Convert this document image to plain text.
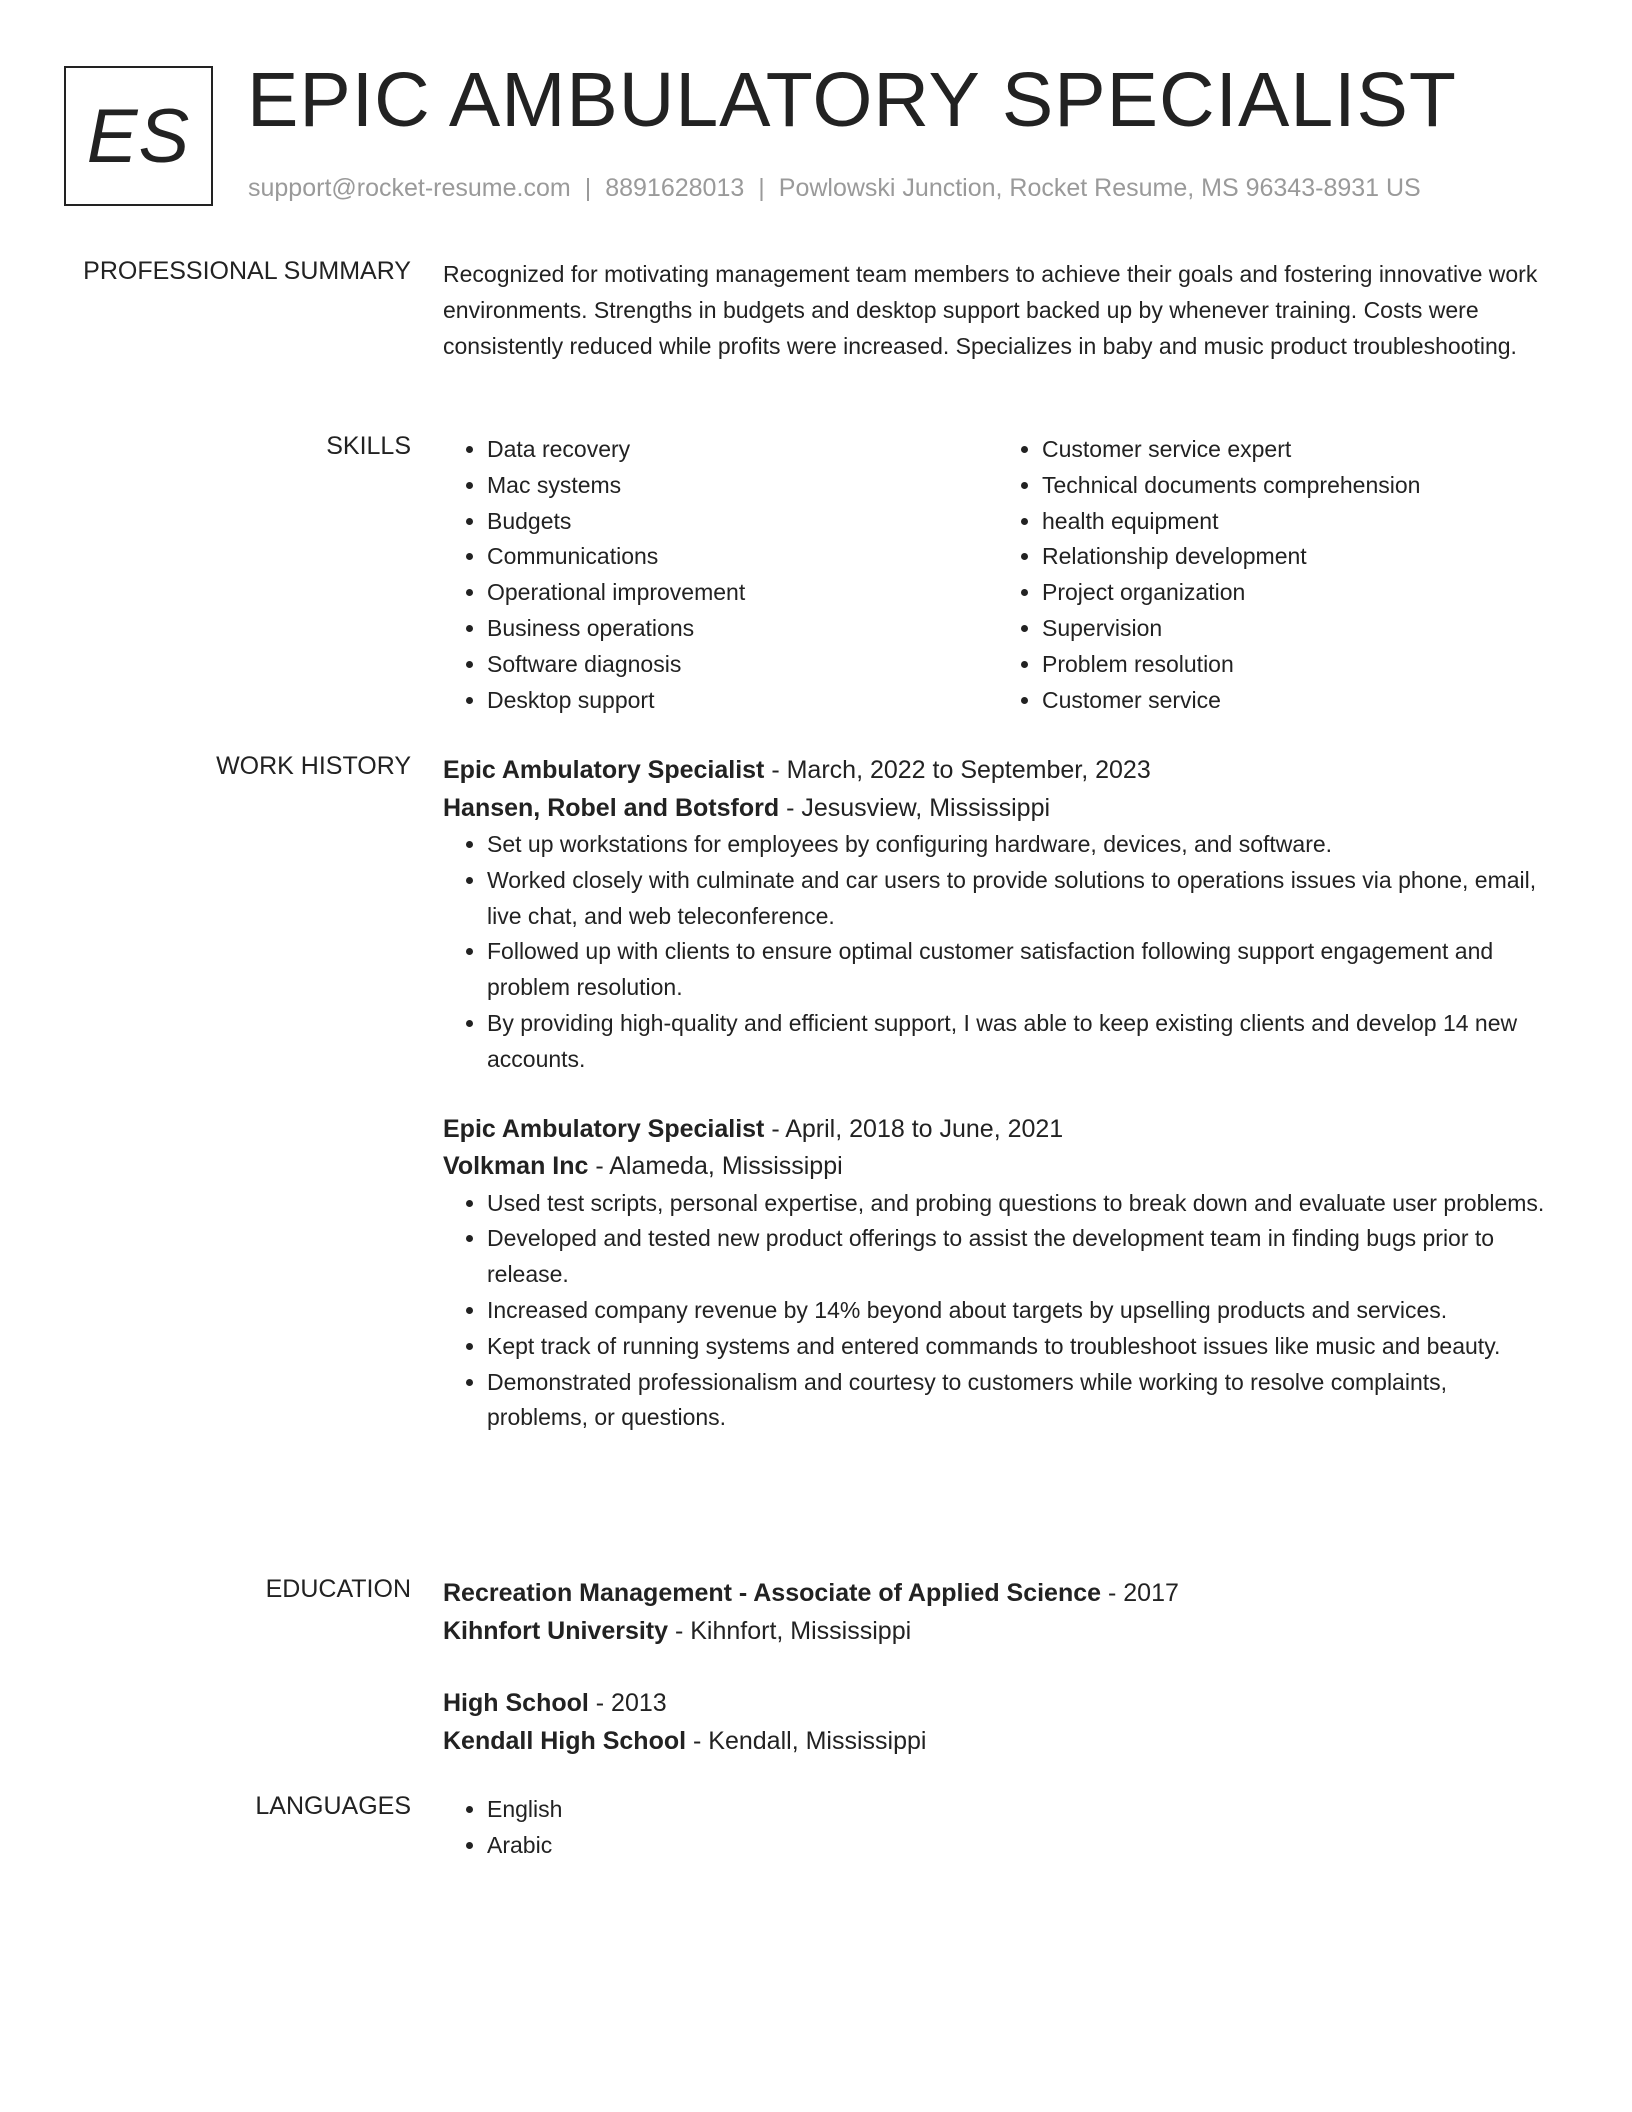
ES EPIC AMBULATORY SPECIALIST
support@rocket-resume.com | 8891628013 | Powlowski Junction, Rocket Resume, MS 96343-8931 US
PROFESSIONAL SUMMARY Recognized for motivating management team members to achieve their goals and fostering innovative work environments. Strengths in budgets and desktop support backed up by whenever training. Costs were consistently reduced while profits were increased. Specializes in baby and music product troubleshooting.

SKILLS	• Data recovery
• Mac systems
• Budgets
• Communications
• Operational improvement
• Business operations
• Software diagnosis
• Desktop support
• Customer service expert
• Technical documents comprehension
• health equipment
• Relationship development
• Project organization
• Supervision
• Problem resolution
• Customer service
WORK HISTORY Epic Ambulatory Specialist - March, 2022 to September, 2023
Hansen, Robel and Botsford - Jesusview, Mississippi
• Set up workstations for employees by configuring hardware, devices, and software.
• Worked closely with culminate and car users to provide solutions to operations issues via phone, email, live chat, and web teleconference.
• Followed up with clients to ensure optimal customer satisfaction following support engagement and problem resolution.
• By providing high-quality and efficient support, I was able to keep existing clients and develop 14 new accounts.
Epic Ambulatory Specialist - April, 2018 to June, 2021
Volkman Inc - Alameda, Mississippi
• Used test scripts, personal expertise, and probing questions to break down and evaluate user problems.
• Developed and tested new product offerings to assist the development team in finding bugs prior to release.
• Increased company revenue by 14% beyond about targets by upselling products and services.
• Kept track of running systems and entered commands to troubleshoot issues like music and beauty.
• Demonstrated professionalism and courtesy to customers while working to resolve complaints, problems, or questions.
EDUCATION Recreation Management - Associate of Applied Science - 2017
Kihnfort University - Kihnfort, Mississippi
High School - 2013
Kendall High School - Kendall, Mississippi
LANGUAGES	• English
• Arabic
